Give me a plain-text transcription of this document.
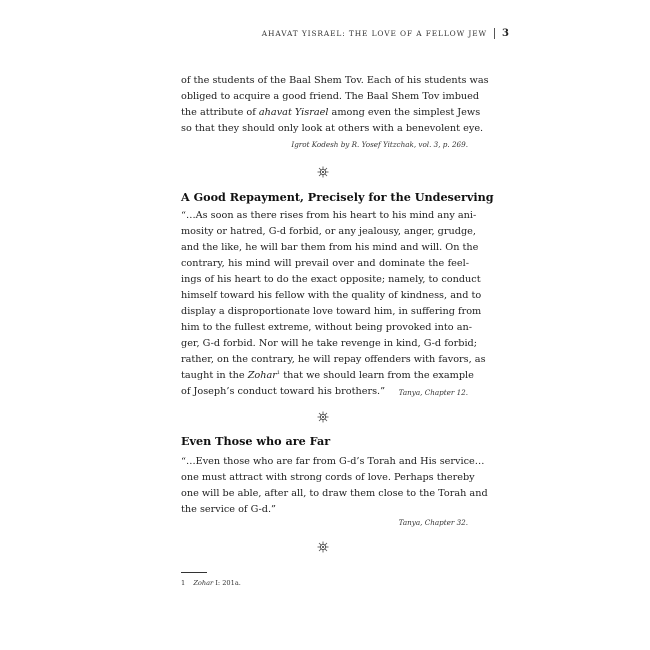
AHAVAT YISRAEL: THE LOVE OF A FELLOW JEW 3
of the students of the Baal Shem Tov. Each of his students was
obliged to acquire a good friend. The Baal Shem Tov imbued
the attribute of ahavat Yisrael among even the simplest Jews
so that they should only look at others with a benevolent eye.
Igrot Kodesh by R. Yosef Yitzchak, vol. 3, p. 269.
A Good Repayment, Precisely for the Undeserving
“…As soon as there rises from his heart to his mind any ani-
mosity or hatred, G-d forbid, or any jealousy, anger, grudge,
and the like, he will bar them from his mind and will. On the
contrary, his mind will prevail over and dominate the feel-
ings of his heart to do the exact opposite; namely, to conduct
himself toward his fellow with the quality of kindness, and to
display a disproportionate love toward him, in suffering from
him to the fullest extreme, without being provoked into an-
ger, G-d forbid. Nor will he take revenge in kind, G-d forbid;
rather, on the contrary, he will repay offenders with favors, as
taught in the Zohar$^1$ that we should learn from the example
of Joseph’s conduct toward his brothers.”	Tanya, Chapter 12.
Even Those who are Far
“…Even those who are far from G-d’s Torah and His service…
one must attract with strong cords of love. Perhaps thereby
one will be able, after all, to draw them close to the Torah and
the service of G-d.”
Tanya, Chapter 32.
1 Zohar I: 201a.
